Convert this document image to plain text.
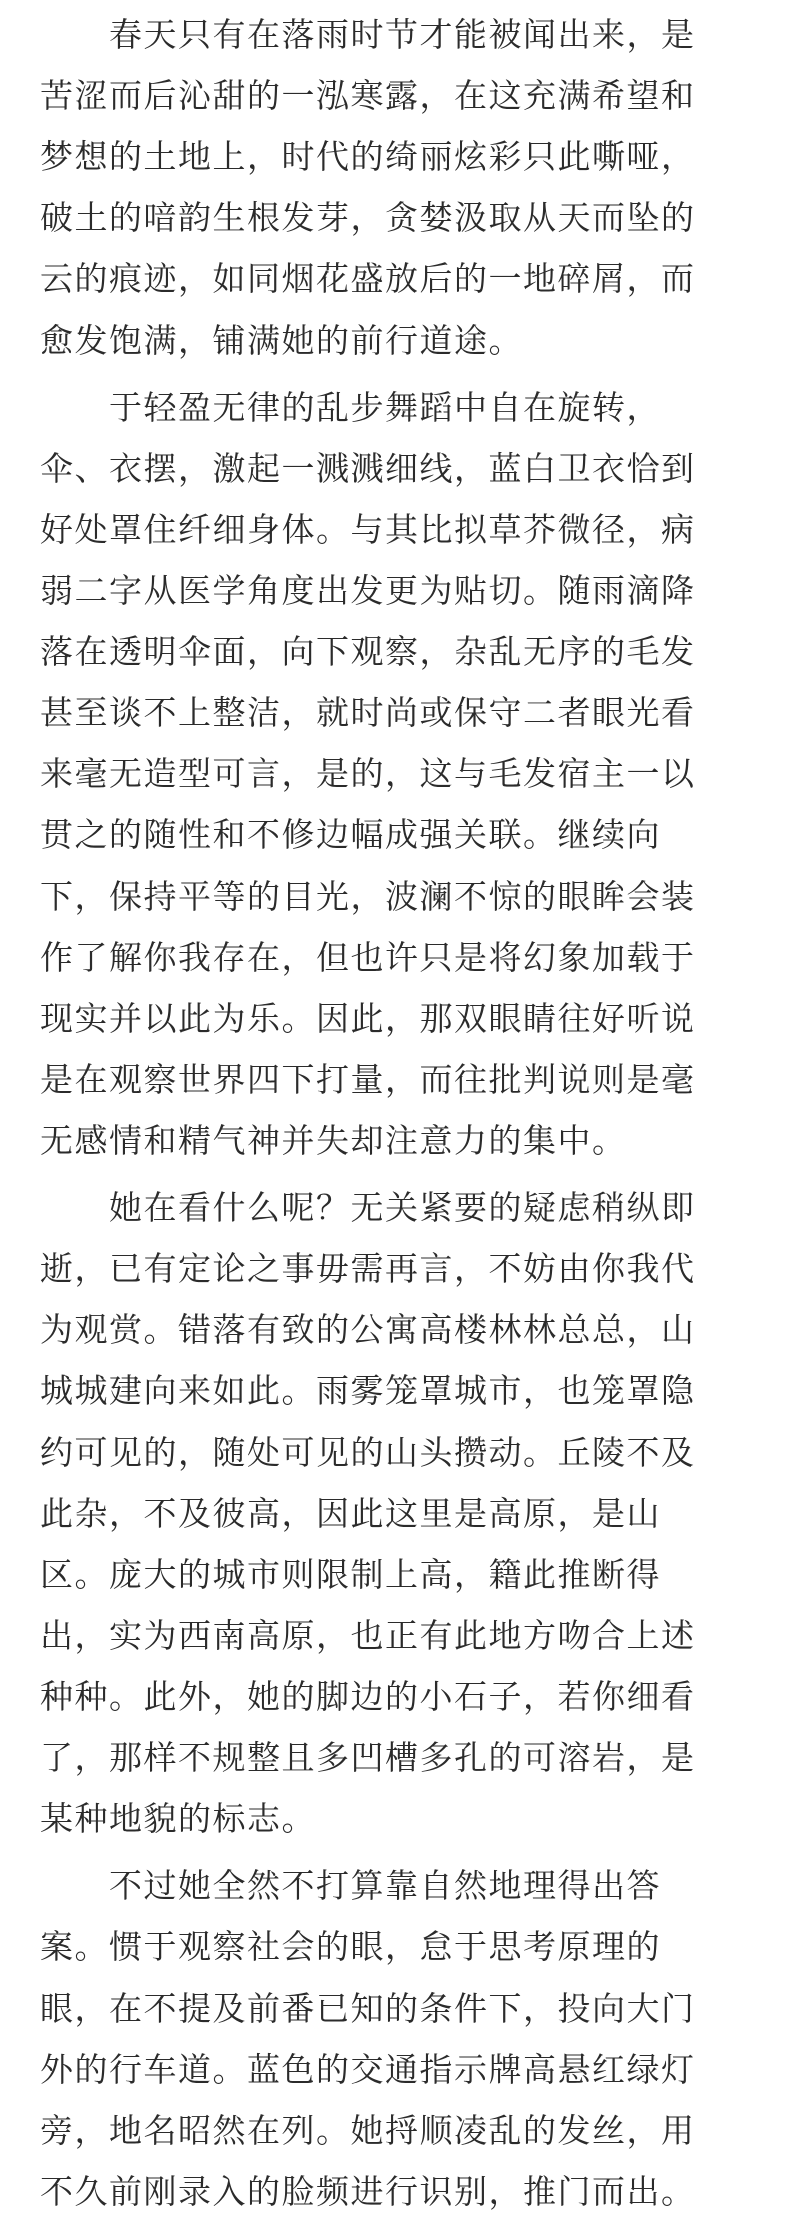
　　春天只有在落雨时节才能被闻出来，是
苦涩而后沁甜的一泓寒露，在这充满希望和
梦想的土地上，时代的绮丽炫彩只此嘶哑，
破土的喑韵生根发芽，贪婪汲取从天而坠的
云的痕迹，如同烟花盛放后的一地碎屑，而
愈发饱满，铺满她的前行道途。
　　于轻盈无律的乱步舞蹈中自在旋转，
伞、衣摆，激起一溅溅细线，蓝白卫衣恰到
好处罩住纤细身体。与其比拟草芥微径，病
弱二字从医学角度出发更为贴切。随雨滴降
落在透明伞面，向下观察，杂乱无序的毛发
甚至谈不上整洁，就时尚或保守二者眼光看
来毫无造型可言，是的，这与毛发宿主一以
贯之的随性和不修边幅成强关联。继续向
下，保持平等的目光，波澜不惊的眼眸会装
作了解你我存在，但也许只是将幻象加载于
现实并以此为乐。因此，那双眼睛往好听说
是在观察世界四下打量，而往批判说则是毫
无感情和精气神并失却注意力的集中。
　　她在看什么呢？无关紧要的疑虑稍纵即
逝，已有定论之事毋需再言，不妨由你我代
为观赏。错落有致的公寓高楼林林总总，山
城城建向来如此。雨雾笼罩城市，也笼罩隐
约可见的，随处可见的山头攒动。丘陵不及
此杂，不及彼高，因此这里是高原，是山
区。庞大的城市则限制上高，籍此推断得
出，实为西南高原，也正有此地方吻合上述
种种。此外，她的脚边的小石子，若你细看
了，那样不规整且多凹槽多孔的可溶岩，是
某种地貌的标志。
　　不过她全然不打算靠自然地理得出答
案。惯于观察社会的眼，怠于思考原理的
眼，在不提及前番已知的条件下，投向大门
外的行车道。蓝色的交通指示牌高悬红绿灯
旁，地名昭然在列。她捋顺凌乱的发丝，用
不久前刚录入的脸频进行识别，推门而出。
